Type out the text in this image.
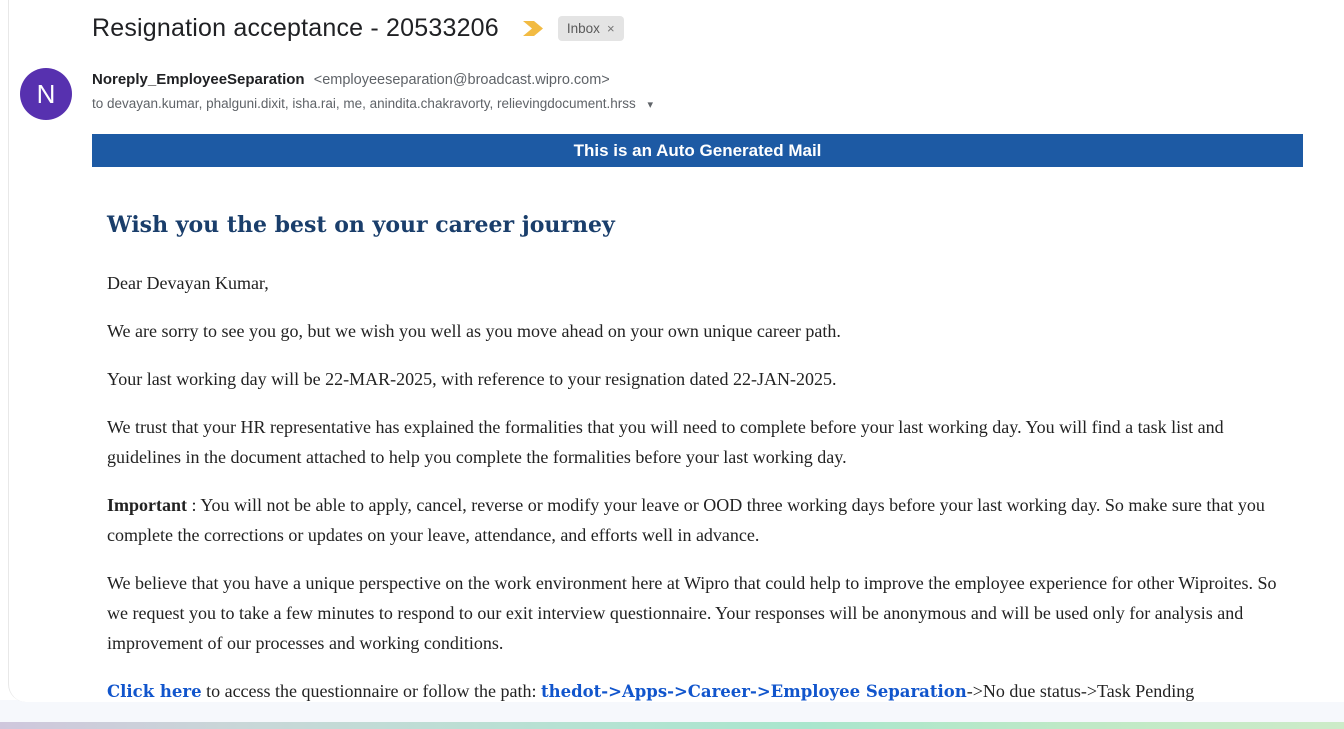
Resignation acceptance - 20533206	Inbox ×
N	Noreply_EmployeeSeparation <employeeseparation@broadcast.wipro.com>
to devayan.kumar, phalguni.dixit, isha.rai, me, anindita.chakravorty, relievingdocument.hrss ▾
This is an Auto Generated Mail
Wish you the best on your career journey

Dear Devayan Kumar,

We are sorry to see you go, but we wish you well as you move ahead on your own unique career path.

Your last working day will be 22-MAR-2025, with reference to your resignation dated 22-JAN-2025.

We trust that your HR representative has explained the formalities that you will need to complete before your last working day. You will find a task list and guidelines in the document attached to help you complete the formalities before your last working day.

Important : You will not be able to apply, cancel, reverse or modify your leave or OOD three working days before your last working day. So make sure that you complete the corrections or updates on your leave, attendance, and efforts well in advance.

We believe that you have a unique perspective on the work environment here at Wipro that could help to improve the employee experience for other Wiproites. So we request you to take a few minutes to respond to our exit interview questionnaire. Your responses will be anonymous and will be used only for analysis and improvement of our processes and working conditions.

Click here to access the questionnaire or follow the path: thedot->Apps->Career->Employee Separation->No due status->Task Pending
